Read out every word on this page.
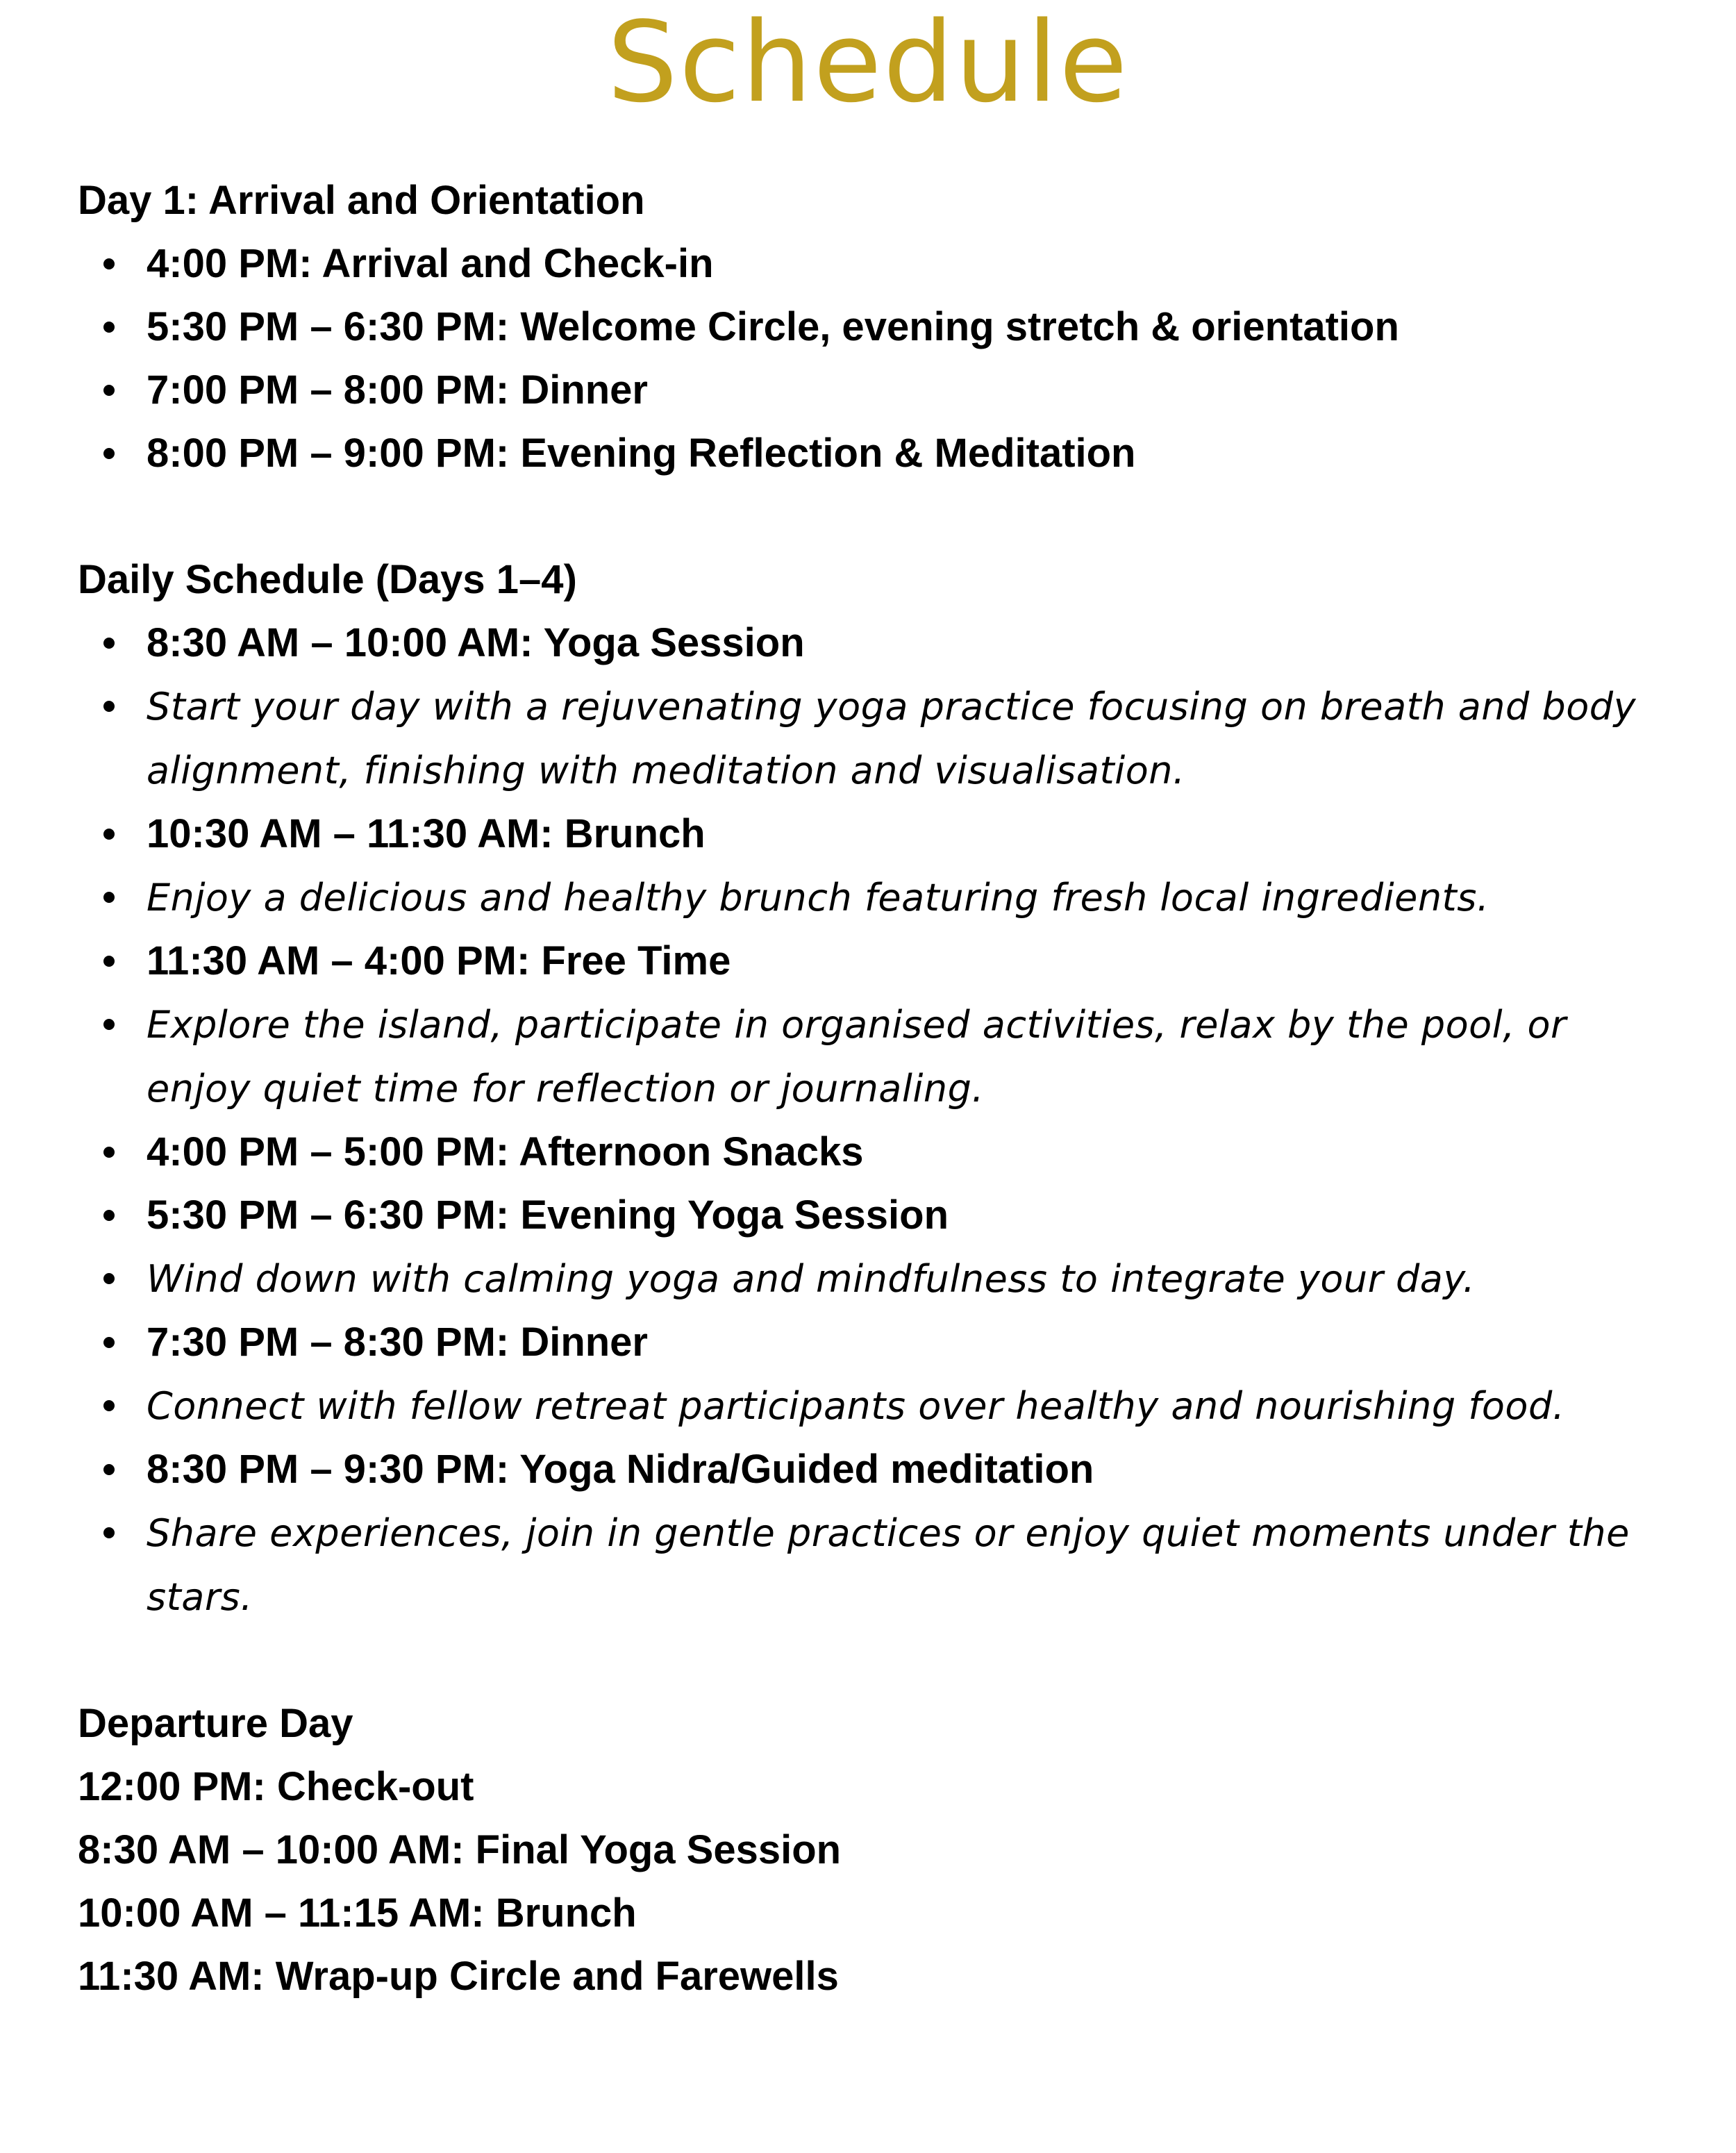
Schedule
Day 1: Arrival and Orientation
4:00 PM: Arrival and Check-in
5:30 PM – 6:30 PM: Welcome Circle, evening stretch & orientation
7:00 PM – 8:00 PM: Dinner
8:00 PM – 9:00 PM: Evening Reflection & Meditation
Daily Schedule (Days 1–4)
8:30 AM – 10:00 AM: Yoga Session
Start your day with a rejuvenating yoga practice focusing on breath and body alignment, finishing with meditation and visualisation.
10:30 AM – 11:30 AM: Brunch
Enjoy a delicious and healthy brunch featuring fresh local ingredients.
11:30 AM – 4:00 PM: Free Time
Explore the island, participate in organised activities, relax by the pool, or enjoy quiet time for reflection or journaling.
4:00 PM – 5:00 PM: Afternoon Snacks
5:30 PM – 6:30 PM: Evening Yoga Session
Wind down with calming yoga and mindfulness to integrate your day.
7:30 PM – 8:30 PM: Dinner
Connect with fellow retreat participants over healthy and nourishing food.
8:30 PM – 9:30 PM: Yoga Nidra/Guided meditation
Share experiences, join in gentle practices or enjoy quiet moments under the stars.
Departure Day
12:00 PM: Check-out
8:30 AM – 10:00 AM: Final Yoga Session
10:00 AM – 11:15 AM: Brunch
11:30 AM: Wrap-up Circle and Farewells
